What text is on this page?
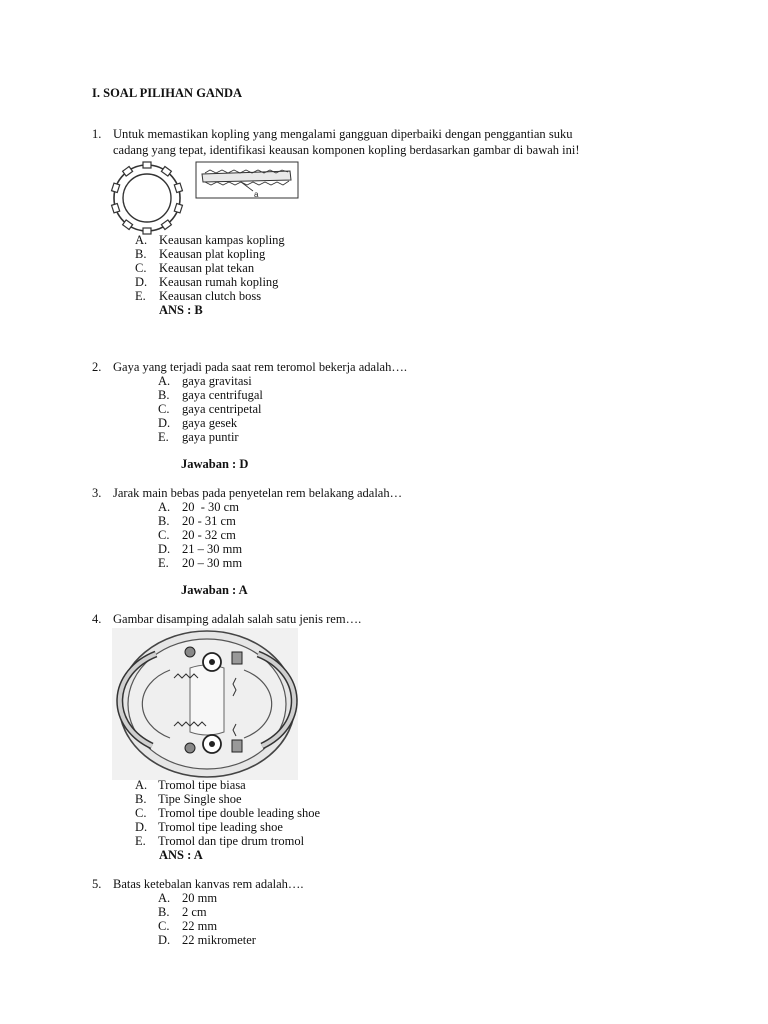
I. SOAL PILIHAN GANDA
1. Untuk memastikan kopling yang mengalami gangguan diperbaiki dengan penggantian suku
cadang yang tepat, identifikasi keausan komponen kopling berdasarkan gambar di bawah ini!
a
A. Keausan kampas kopling
B. Keausan plat kopling
C. Keausan plat tekan
D. Keausan rumah kopling
E. Keausan clutch boss
ANS : B
2. Gaya yang terjadi pada saat rem teromol bekerja adalah….
A. gaya gravitasi
B. gaya centrifugal
C. gaya centripetal
D. gaya gesek
E. gaya puntir
Jawaban : D
3. Jarak main bebas pada penyetelan rem belakang adalah…
A. 20  - 30 cm
B. 20 - 31 cm
C. 20 - 32 cm
D. 21 – 30 mm
E. 20 – 30 mm
Jawaban : A
4. Gambar disamping adalah salah satu jenis rem….
A. Tromol tipe biasa
B. Tipe Single shoe
C. Tromol tipe double leading shoe
D. Tromol tipe leading shoe
E. Tromol dan tipe drum tromol
ANS : A
5. Batas ketebalan kanvas rem adalah….
A. 20 mm
B. 2 cm
C. 22 mm
D. 22 mikrometer
